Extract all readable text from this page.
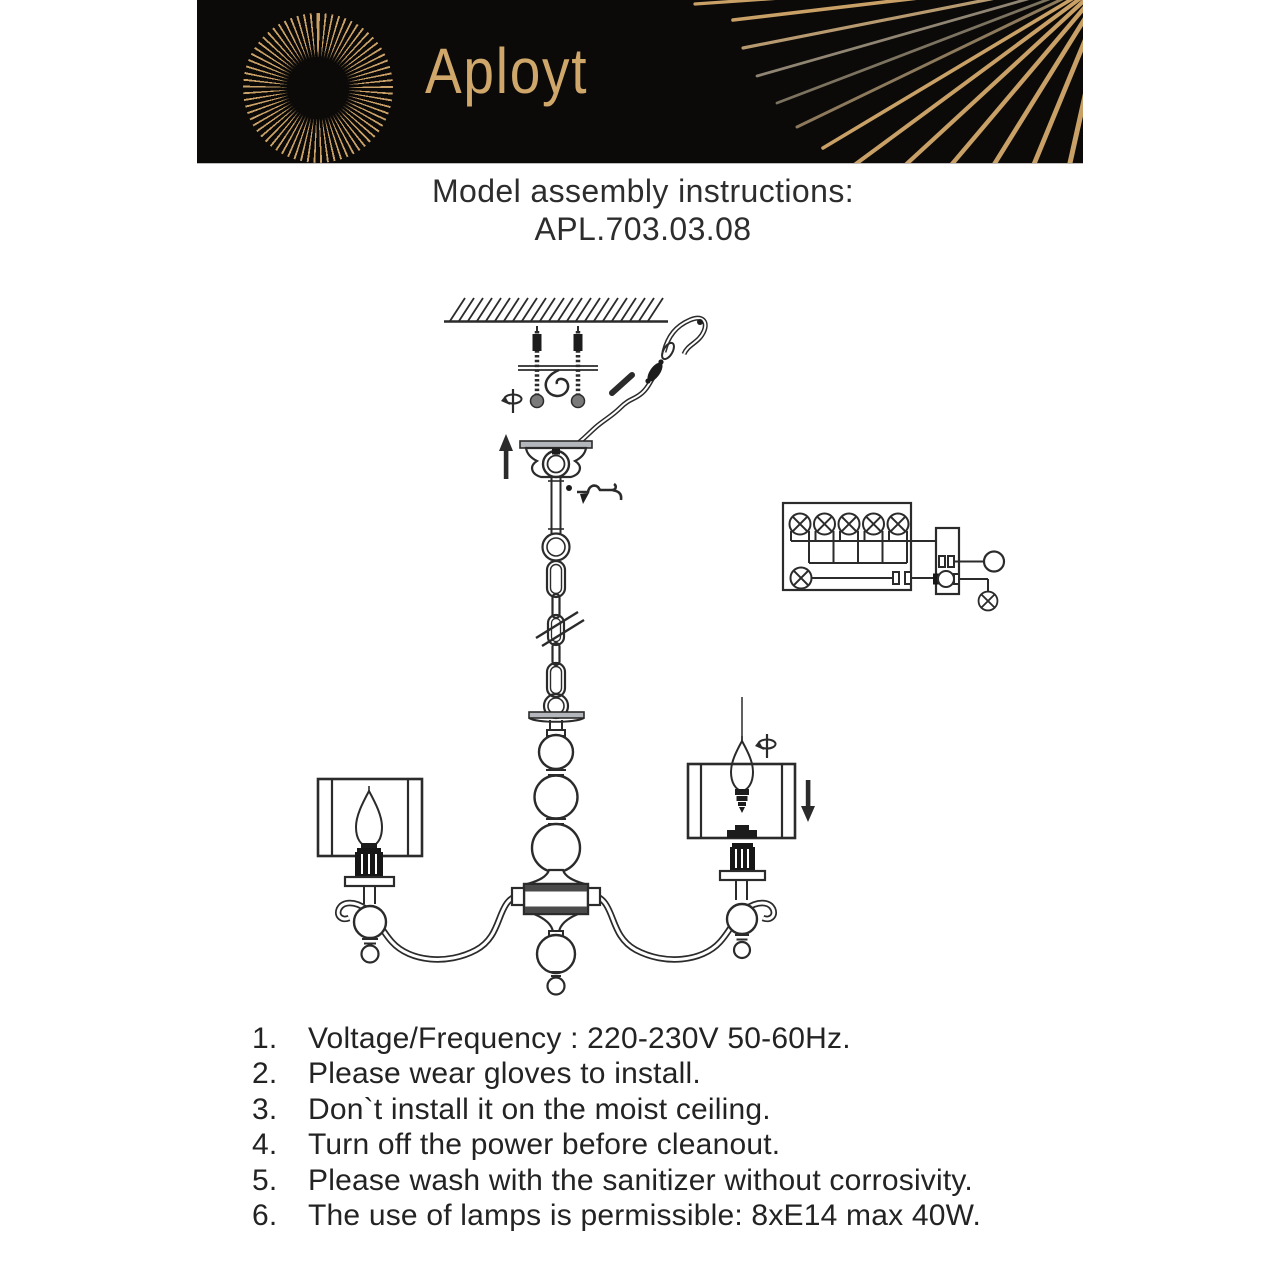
Aployt
Model assembly instructions:
APL.703.03.08
1.	Voltage/Frequency : 220-230V 50-60Hz.
2.	Please wear gloves to install.
3.	Don`t install it on the moist ceiling.
4.	Turn off the power before cleanout.
5.	Please wash with the sanitizer without corrosivity.
6.	The use of lamps is permissible: 8xE14 max 40W.
